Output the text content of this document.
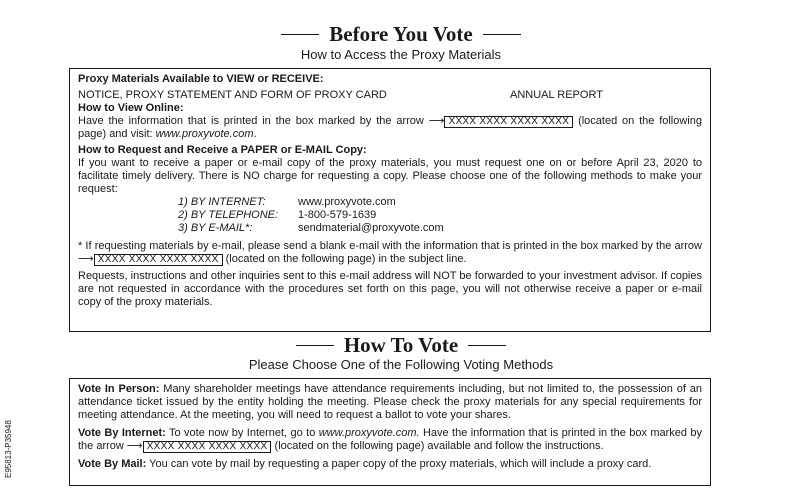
Before You Vote
How to Access the Proxy Materials

Proxy Materials Available to VIEW or RECEIVE:

NOTICE, PROXY STATEMENT AND FORM OF PROXY CARD	ANNUAL REPORT

How to View Online:

Have the information that is printed in the box marked by the arrow ⟶ XXXX XXXX XXXX XXXX (located on the following page) and visit: www.proxyvote.com.

How to Request and Receive a PAPER or E-MAIL Copy:

If you want to receive a paper or e-mail copy of the proxy materials, you must request one on or before April 23, 2020 to facilitate timely delivery. There is NO charge for requesting a copy. Please choose one of the following methods to make your request:

1) BY INTERNET:	www.proxyvote.com
2) BY TELEPHONE:	1-800-579-1639
3) BY E-MAIL*:	sendmaterial@proxyvote.com

* If requesting materials by e-mail, please send a blank e-mail with the information that is printed in the box marked by the arrow ⟶ XXXX XXXX XXXX XXXX (located on the following page) in the subject line.

Requests, instructions and other inquiries sent to this e-mail address will NOT be forwarded to your investment advisor. If copies are not requested in accordance with the procedures set forth on this page, you will not otherwise receive a paper or e-mail copy of the proxy materials.

How To Vote
Please Choose One of the Following Voting Methods

Vote In Person: Many shareholder meetings have attendance requirements including, but not limited to, the possession of an attendance ticket issued by the entity holding the meeting. Please check the proxy materials for any special requirements for meeting attendance. At the meeting, you will need to request a ballot to vote your shares.

Vote By Internet: To vote now by Internet, go to www.proxyvote.com. Have the information that is printed in the box marked by the arrow ⟶ XXXX XXXX XXXX XXXX (located on the following page) available and follow the instructions.

Vote By Mail: You can vote by mail by requesting a paper copy of the proxy materials, which will include a proxy card.

E95813-P35948
